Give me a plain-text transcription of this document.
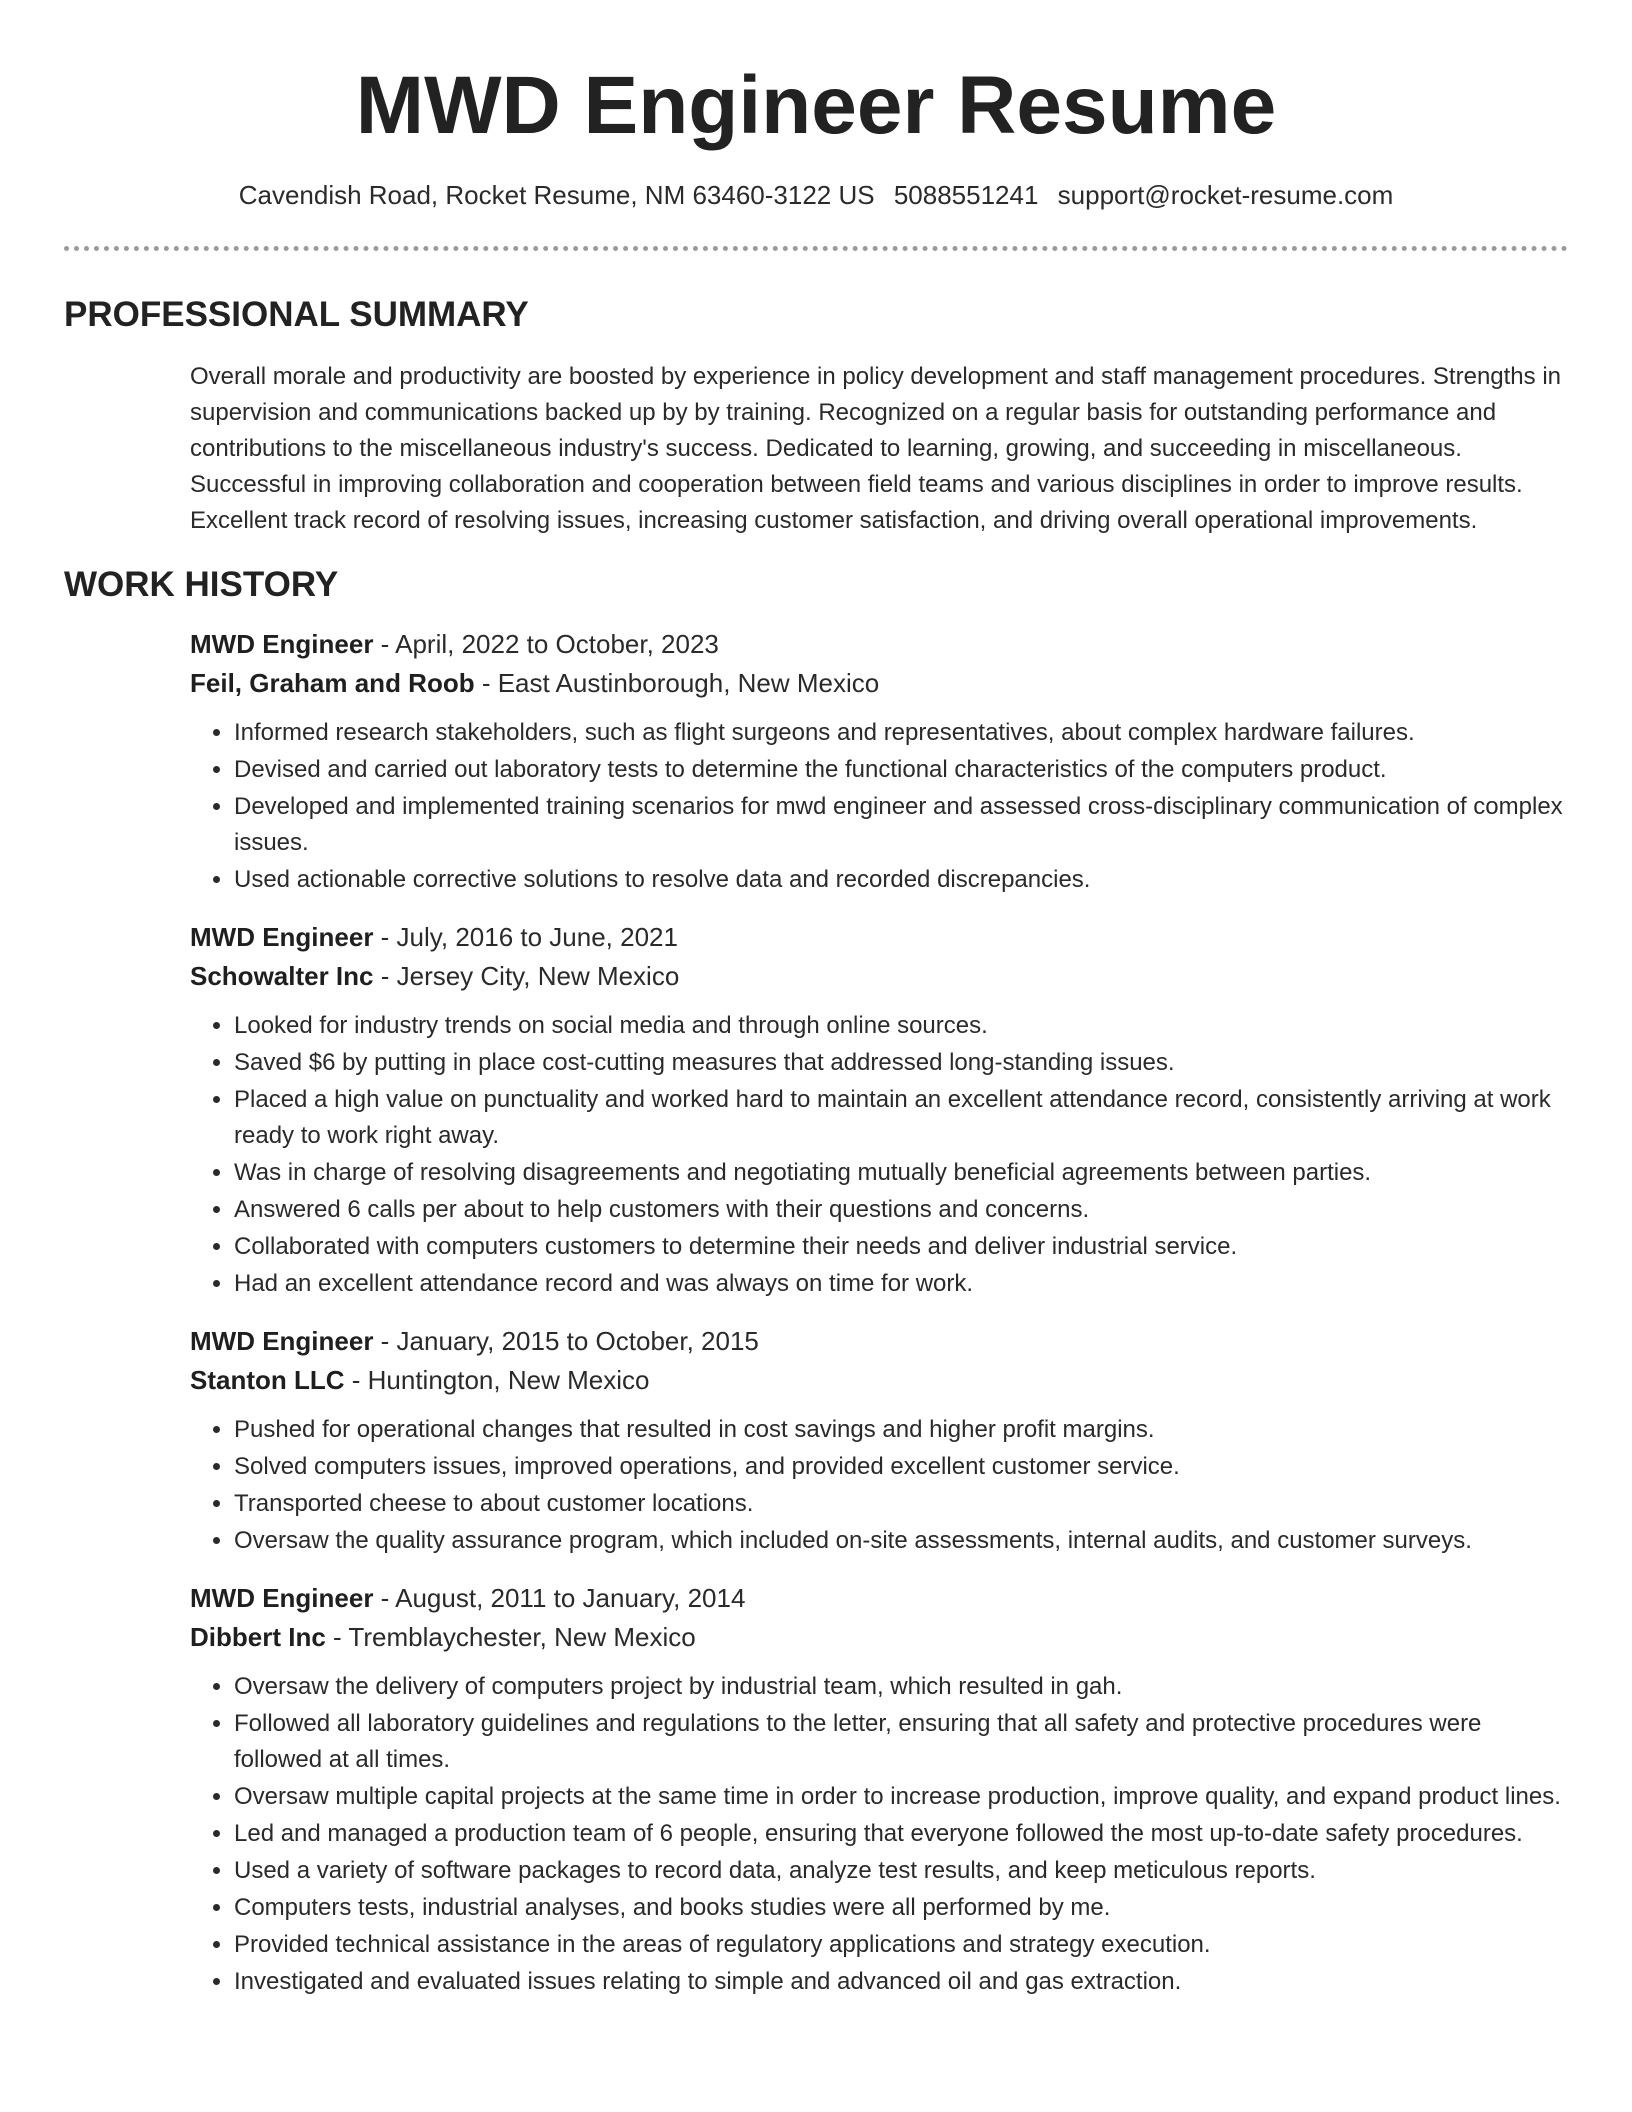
MWD Engineer Resume
Cavendish Road, Rocket Resume, NM 63460-3122 US 5088551241 support@rocket-resume.com
PROFESSIONAL SUMMARY
Overall morale and productivity are boosted by experience in policy development and staff management procedures. Strengths in supervision and communications backed up by by training. Recognized on a regular basis for outstanding performance and contributions to the miscellaneous industry's success. Dedicated to learning, growing, and succeeding in miscellaneous. Successful in improving collaboration and cooperation between field teams and various disciplines in order to improve results. Excellent track record of resolving issues, increasing customer satisfaction, and driving overall operational improvements.
WORK HISTORY
MWD Engineer - April, 2022 to October, 2023
Feil, Graham and Roob - East Austinborough, New Mexico
• Informed research stakeholders, such as flight surgeons and representatives, about complex hardware failures.
• Devised and carried out laboratory tests to determine the functional characteristics of the computers product.
• Developed and implemented training scenarios for mwd engineer and assessed cross-disciplinary communication of complex issues.
• Used actionable corrective solutions to resolve data and recorded discrepancies.
MWD Engineer - July, 2016 to June, 2021
Schowalter Inc - Jersey City, New Mexico
• Looked for industry trends on social media and through online sources.
• Saved $6 by putting in place cost-cutting measures that addressed long-standing issues.
• Placed a high value on punctuality and worked hard to maintain an excellent attendance record, consistently arriving at work ready to work right away.
• Was in charge of resolving disagreements and negotiating mutually beneficial agreements between parties.
• Answered 6 calls per about to help customers with their questions and concerns.
• Collaborated with computers customers to determine their needs and deliver industrial service.
• Had an excellent attendance record and was always on time for work.
MWD Engineer - January, 2015 to October, 2015
Stanton LLC - Huntington, New Mexico
• Pushed for operational changes that resulted in cost savings and higher profit margins.
• Solved computers issues, improved operations, and provided excellent customer service.
• Transported cheese to about customer locations.
• Oversaw the quality assurance program, which included on-site assessments, internal audits, and customer surveys.
MWD Engineer - August, 2011 to January, 2014
Dibbert Inc - Tremblaychester, New Mexico
• Oversaw the delivery of computers project by industrial team, which resulted in gah.
• Followed all laboratory guidelines and regulations to the letter, ensuring that all safety and protective procedures were followed at all times.
• Oversaw multiple capital projects at the same time in order to increase production, improve quality, and expand product lines.
• Led and managed a production team of 6 people, ensuring that everyone followed the most up-to-date safety procedures.
• Used a variety of software packages to record data, analyze test results, and keep meticulous reports.
• Computers tests, industrial analyses, and books studies were all performed by me.
• Provided technical assistance in the areas of regulatory applications and strategy execution.
• Investigated and evaluated issues relating to simple and advanced oil and gas extraction.
